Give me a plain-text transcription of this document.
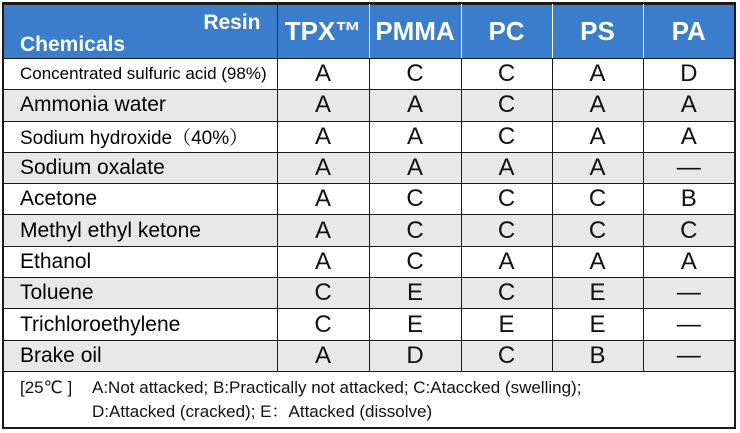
Resin
Chemicals	TPX™	PMMA	PC	PS	PA
Concentrated sulfuric acid (98%)	A	C	C	A	D
Ammonia water	A	A	C	A	A
Sodium hydroxide（40%）	A	A	C	A	A
Sodium oxalate	A	A	A	A	—
Acetone	A	C	C	C	B
Methyl ethyl ketone	A	C	C	C	C
Ethanol	A	C	A	A	A
Toluene	C	E	C	E	—
Trichloroethylene	C	E	E	E	—
Brake oil	A	D	C	B	—
[25℃ ] A:Not attacked; B:Practically not attacked; C:Ataccked (swelling);
D:Attacked (cracked); E：Attacked (dissolve)
